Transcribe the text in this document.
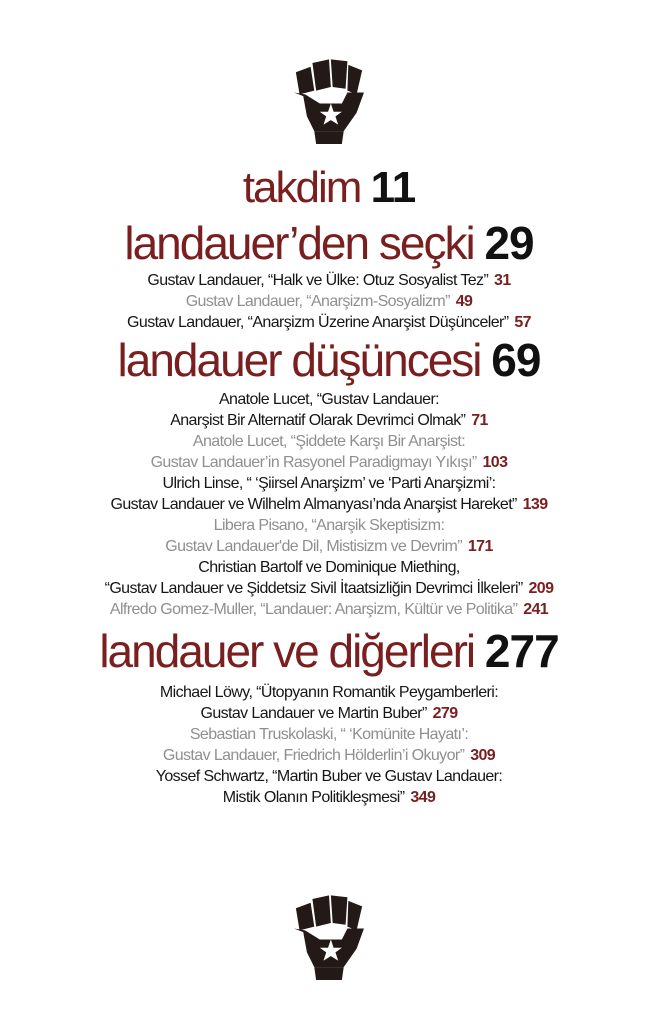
takdim 11
landauer’den seçki 29
Gustav Landauer, “Halk ve Ülke: Otuz Sosyalist Tez” 31
Gustav Landauer, “Anarşizm-Sosyalizm” 49
Gustav Landauer, “Anarşizm Üzerine Anarşist Düşünceler” 57
landauer düşüncesi 69
Anatole Lucet, “Gustav Landauer:
Anarşist Bir Alternatif Olarak Devrimci Olmak” 71
Anatole Lucet, “Şiddete Karşı Bir Anarşist:
Gustav Landauer’in Rasyonel Paradigmayı Yıkışı” 103
Ulrich Linse, “ ‘Şiirsel Anarşizm’ ve ‘Parti Anarşizmi’:
Gustav Landauer ve Wilhelm Almanyası’nda Anarşist Hareket” 139
Libera Pisano, “Anarşik Skeptisizm:
Gustav Landauer'de Dil, Mistisizm ve Devrim” 171
Christian Bartolf ve Dominique Miething,
“Gustav Landauer ve Şiddetsiz Sivil İtaatsizliğin Devrimci İlkeleri” 209
Alfredo Gomez-Muller, “Landauer: Anarşizm, Kültür ve Politika” 241
landauer ve diğerleri 277
Michael Löwy, “Ütopyanın Romantik Peygamberleri:
Gustav Landauer ve Martin Buber” 279
Sebastian Truskolaski, “ ‘Komünite Hayatı’:
Gustav Landauer, Friedrich Hölderlin’i Okuyor” 309
Yossef Schwartz, “Martin Buber ve Gustav Landauer:
Mistik Olanın Politikleşmesi” 349
